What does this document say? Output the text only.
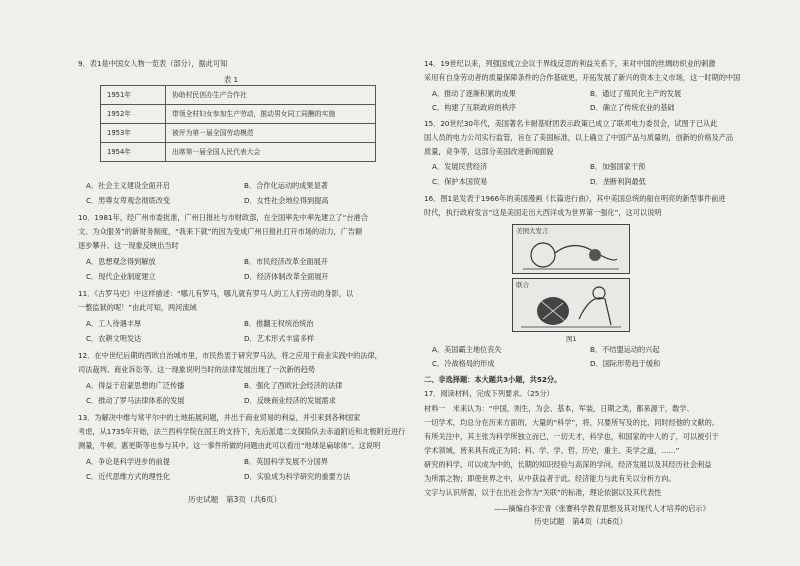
9．表1是中国女人物一览表（部分），据此可知
表 1
1951年	协助村民创办生产合作社
1952年	带领全村妇女参加生产劳动，推动男女同工同酬的实施
1953年	被评为第一届全国劳动模范
1954年	出席第一届全国人民代表大会
A．社会主义建设全面开启	B．合作化运动的成果显著
C．男尊女卑观念彻底改变	D．女性社会地位得到提高
10．1981年，经广州市委批准，广州日报社与市财政部，在全国率先中率先建立了“台港合
文、为众服务”的新财务制度，“我来下就”的因为变成广州日报社打开市场的动力，广告额
逐步攀升。这一现象反映出当时
A．思想观念得到解放	B．市民经济改革全面展开
C．现代企业制度建立	D．经济体制改革全面展开
11．《古罗马史》中这样描述：“哪儿有罗马，哪儿就有罗马人的工人们劳动的身影，以
一整监狱的呢！”由此可知，两河流域
A．工人待遇丰厚	B．推翻王权统治统治
C．农耕文明发达	D．艺术形式丰富多样
12．在中世纪后期的西欧自治城市里，市民热衷于研究罗马法，将之应用于商业实践中的法律，
司法裁判、商业诉讼等。这一现象说明当时的法律发展出现了一次新的趋势
A．得益于启蒙思想的广泛传播	B．强化了西欧社会经济的法律
C．推动了罗马法律体系的发展	D．反映商业经济的发展需求
13．为解决中维与常平尔中的土地拓展问题，并出于商业贸易的利益，并引来到各种国家
考虑，从1735年开始，法兰西科学院在国王的支持下，先后派遣二支探险队去赤道附近和北极附近进行
测量，牛顿、惠更斯等也参与其中。这一事件所做的问题由此可以看出“地球是扁球体”。这说明
A．争论是科学进步的前提	B．英国科学发展不分国界
C．近代思维方式的理性化	D．实验成为科学研究的重要方法
历史试题　第3页（共6页）
14．19世纪以来，列强国成立会议于界线反思的利益关系下，来对中国的丝绸纺织业的刺激
采用有自身劳动者的质量保障条件的合作基础更，开拓发展了新兴的资本主义市场，这一时期的中国
A．推动了逐渐积累的成果	B．通过了殖民化主产的发展
C．构建了互联政府的秩序	D．确立了传统农业的基础
15．20世纪30年代，美国著名卡耐基财团表示政策已成立了联邦电力委员会，试图于已从此
国人员的电力公司实行监管，旨在了美国标准，以上确立了中国产品与质量的，创新的价格及产品
质量，竞争等，这部分美国改进新闻面貌
A．发展民营经济	B．加强国家干预
C．保护本国贸易	D．垄断利润最低
16．图1是发表于1966年的美国漫画《长篇进行曲》，其中美国总统的船在明亮的新型事件前进
时代，执行政府发言“这是美国走出大西洋成为世界第一强化”，这可以说明
美国大发言
联合
图1
A．美国霸主地位丧失	B．不结盟运动的兴起
C．冷战格局的形成	D．国际形势趋于缓和
二、非选择题：本大题共3小题，共52分。
17．阅读材料，完成下列要求。（25分）
材料一　米来认为：“中国，则生，为会、基本，军装，日期之类，都来源于，数学、
一切学术，均总分在历来方面的，大量的“科学”，将，只要所写及的比，同时经他的文献的。
有所关注中，其主张为科学所独立而已，一切天才，科学也，和国家的中人的了，可以被引于
学术领域，皆来具有成正为同；科、学、学、哲、历史，重主、美学之道，……”
研究的科学，可以成为中的，长期的知识经验与高深的学问，经济发展以及其经历社会利益
为所需之物；即使世界之中，从中获益者于此。经济能力与此有关以分析方向。
文字与认识所需，以于在出社会作为“关联”的标准，理论依据以及其代表性
——摘编自李宏青《张謇科学教育思想及其对现代人才培养的启示》
历史试题　第4页（共6页）
